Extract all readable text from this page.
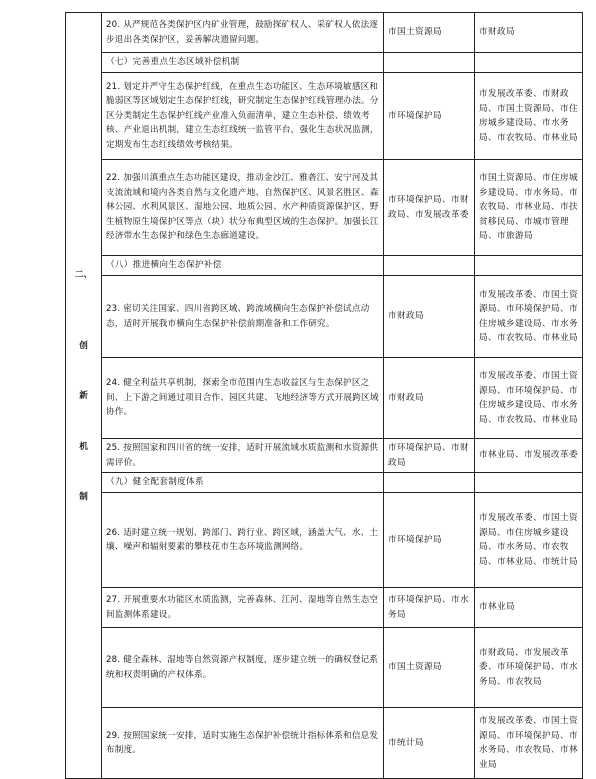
二、
创
新
机
制	20. 从严规范各类保护区内矿业管理，鼓励探矿权人、采矿权人依法逐步退出各类保护区，妥善解决遗留问题。	市国土资源局	市财政局
	（七）完善重点生态区域补偿机制		
	21. 划定并严守生态保护红线，在重点生态功能区、生态环境敏感区和脆弱区等区域划定生态保护红线，研究制定生态保护红线管理办法。分区分类制定生态保护红线产业准入负面清单，建立生态补偿、绩效考核、产业退出机制，建立生态红线统一监管平台，强化生态状况监测，定期发布生态红线绩效考核结果。	市环境保护局	市发展改革委、市财政局、市国土资源局、市住房城乡建设局、市水务局、市农牧局、市林业局
	22. 加强川滇重点生态功能区建设，推动金沙江、雅砻江、安宁河及其支流流域和境内各类自然与文化遗产地、自然保护区、风景名胜区、森林公园、水利风景区、湿地公园、地质公园、水产种质资源保护区、野生植物原生境保护区等点（块）状分布典型区域的生态保护。加强长江经济带水生态保护和绿色生态廊道建设。	市环境保护局、市财政局、市发展改革委	市国土资源局、市住房城乡建设局、市水务局、市农牧局、市林业局、市扶贫移民局、市城市管理局、市旅游局
	（八）推进横向生态保护补偿		
	23. 密切关注国家、四川省跨区域、跨流域横向生态保护补偿试点动态，适时开展我市横向生态保护补偿前期准备和工作研究。	市财政局	市发展改革委、市国土资源局、市环境保护局、市住房城乡建设局、市水务局、市农牧局、市林业局
	24. 健全利益共享机制，探索全市范围内生态收益区与生态保护区之间、上下游之间通过项目合作、园区共建、飞地经济等方式开展跨区域协作。	市财政局	市发展改革委、市国土资源局、市环境保护局、市住房城乡建设局、市水务局、市农牧局、市林业局
	25. 按照国家和四川省的统一安排，适时开展流域水质监测和水资源供需评价。	市环境保护局、市财政局	市林业局、市发展改革委
	（九）健全配套制度体系		
	26. 适时建立统一规划、跨部门、跨行业、跨区域，涵盖大气、水、土壤、噪声和辐射要素的攀枝花市生态环境监测网络。	市环境保护局	市发展改革委、市国土资源局、市住房城乡建设局、市水务局、市农牧局、市林业局、市统计局
	27. 开展重要水功能区水质监测，完善森林、江河、湿地等自然生态空间监测体系建设。	市环境保护局、市水务局	市林业局
	28. 健全森林、湿地等自然资源产权制度，逐步建立统一的确权登记系统和权责明确的产权体系。	市国土资源局	市财政局、市发展改革委、市环境保护局、市水务局、市农牧局
	29. 按照国家统一安排，适时实施生态保护补偿统计指标体系和信息发布制度。	市统计局	市发展改革委、市国土资源局、市环境保护局、市水务局、市农牧局、市林业局
